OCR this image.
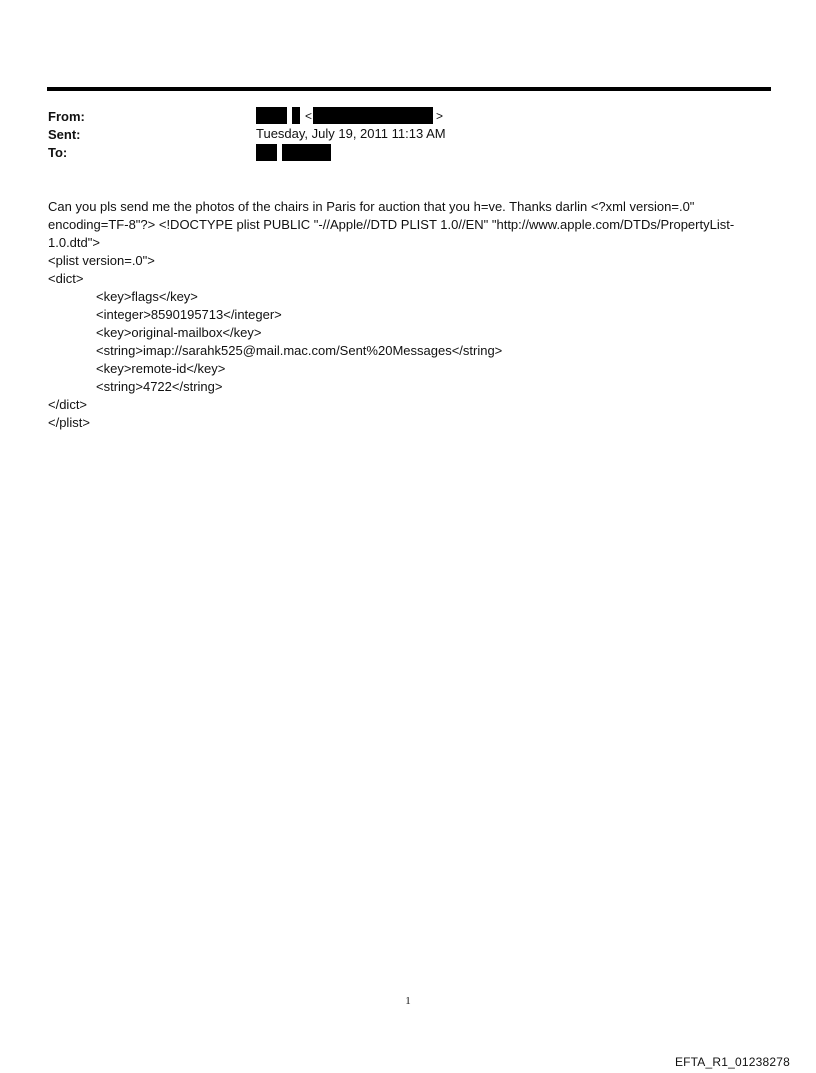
From:
Sent:
To:
<	>
Tuesday, July 19, 2011 11:13 AM

Can you pls send me the photos of the chairs in Paris for auction that you h=ve. Thanks darlin <?xml version=.0" encoding=TF-8"?> <!DOCTYPE plist PUBLIC "-//Apple//DTD PLIST 1.0//EN" "http://www.apple.com/DTDs/PropertyList-1.0.dtd">

<plist version=.0">
<dict>
<key>flags</key>
<integer>8590195713</integer>
<key>original-mailbox</key>
<string>imap://sarahk525@mail.mac.com/Sent%20Messages</string>
<key>remote-id</key>
<string>4722</string>
</dict>
</plist>
1
EFTA_R1_01238278
